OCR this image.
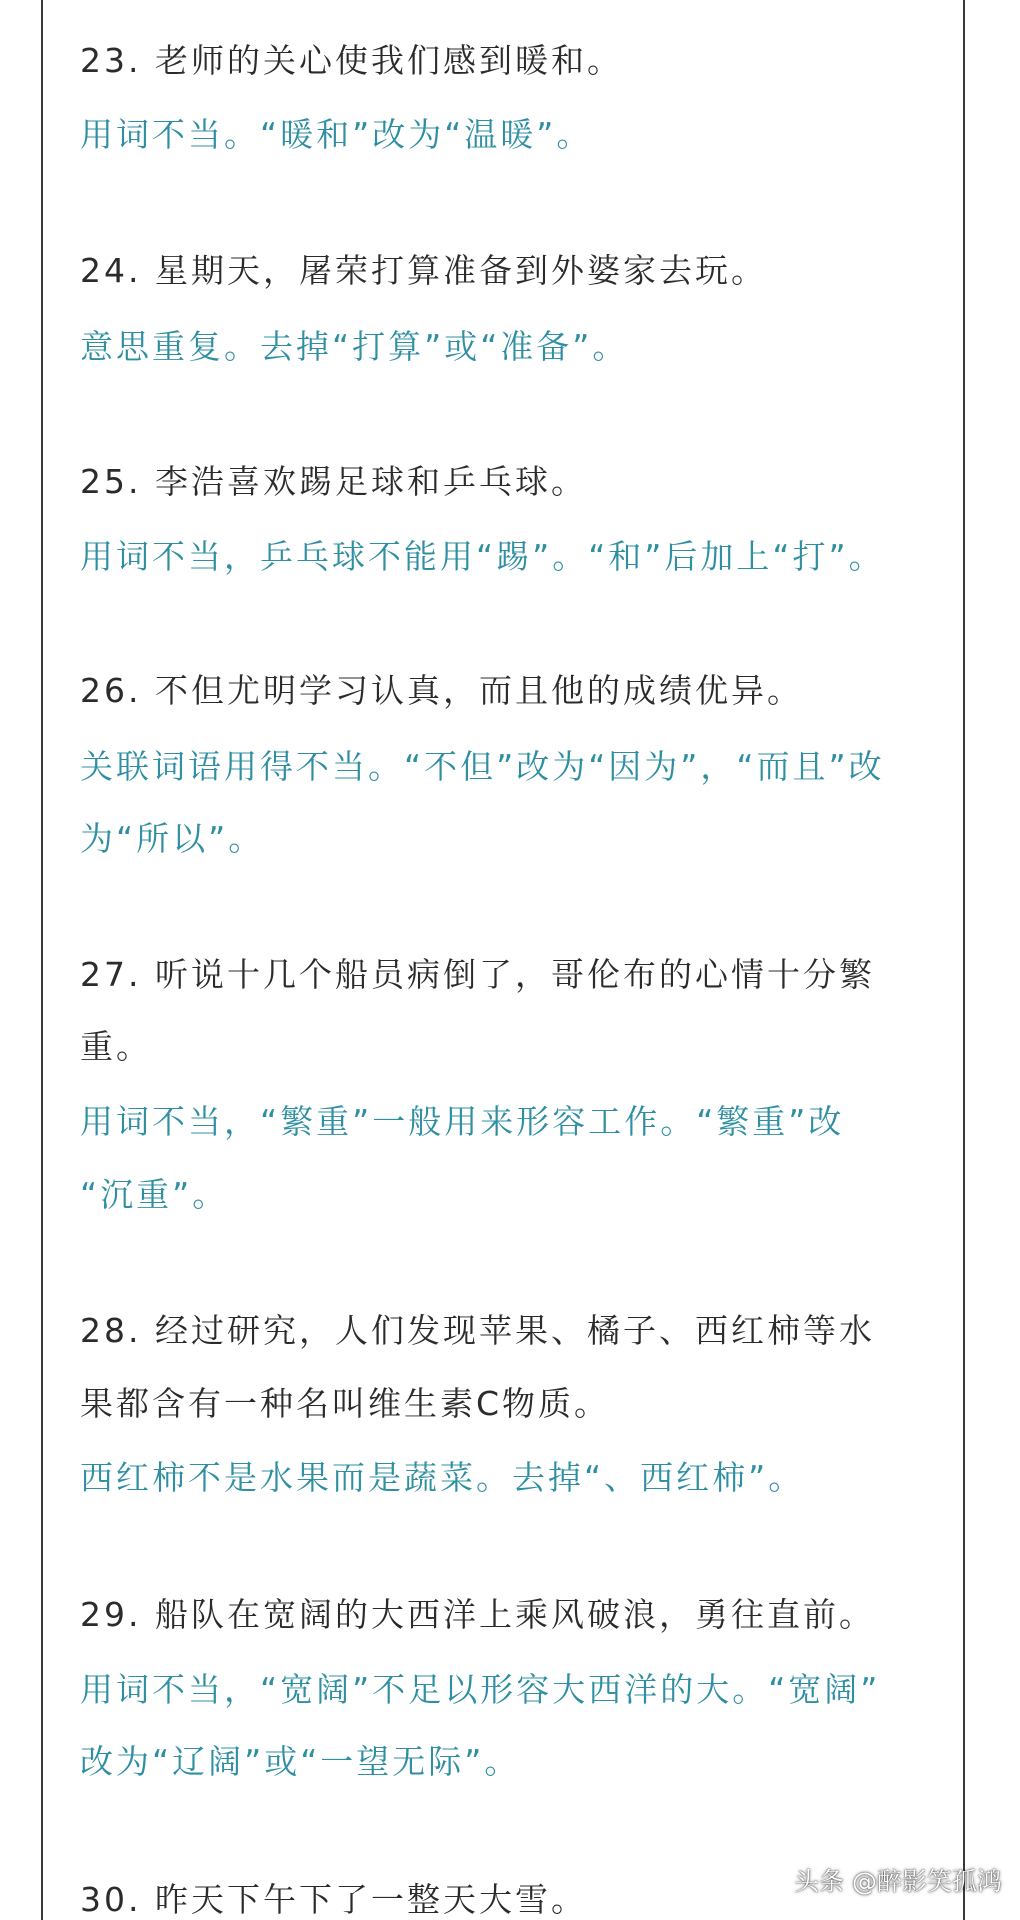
23. 老师的关心使我们感到暖和。
用词不当。“暖和”改为“温暖”。
24. 星期天，屠荣打算准备到外婆家去玩。
意思重复。去掉“打算”或“准备”。
25. 李浩喜欢踢足球和乒乓球。
用词不当，乒乓球不能用“踢”。“和”后加上“打”。
26. 不但尤明学习认真，而且他的成绩优异。
关联词语用得不当。“不但”改为“因为”，“而且”改
为“所以”。
27. 听说十几个船员病倒了，哥伦布的心情十分繁
重。
用词不当，“繁重”一般用来形容工作。“繁重”改
“沉重”。
28. 经过研究，人们发现苹果、橘子、西红柿等水
果都含有一种名叫维生素C物质。
西红柿不是水果而是蔬菜。去掉“、西红柿”。
29. 船队在宽阔的大西洋上乘风破浪，勇往直前。
用词不当，“宽阔”不足以形容大西洋的大。“宽阔”
改为“辽阔”或“一望无际”。
30. 昨天下午下了一整天大雪。	头条 @醉影笑孤鸿
